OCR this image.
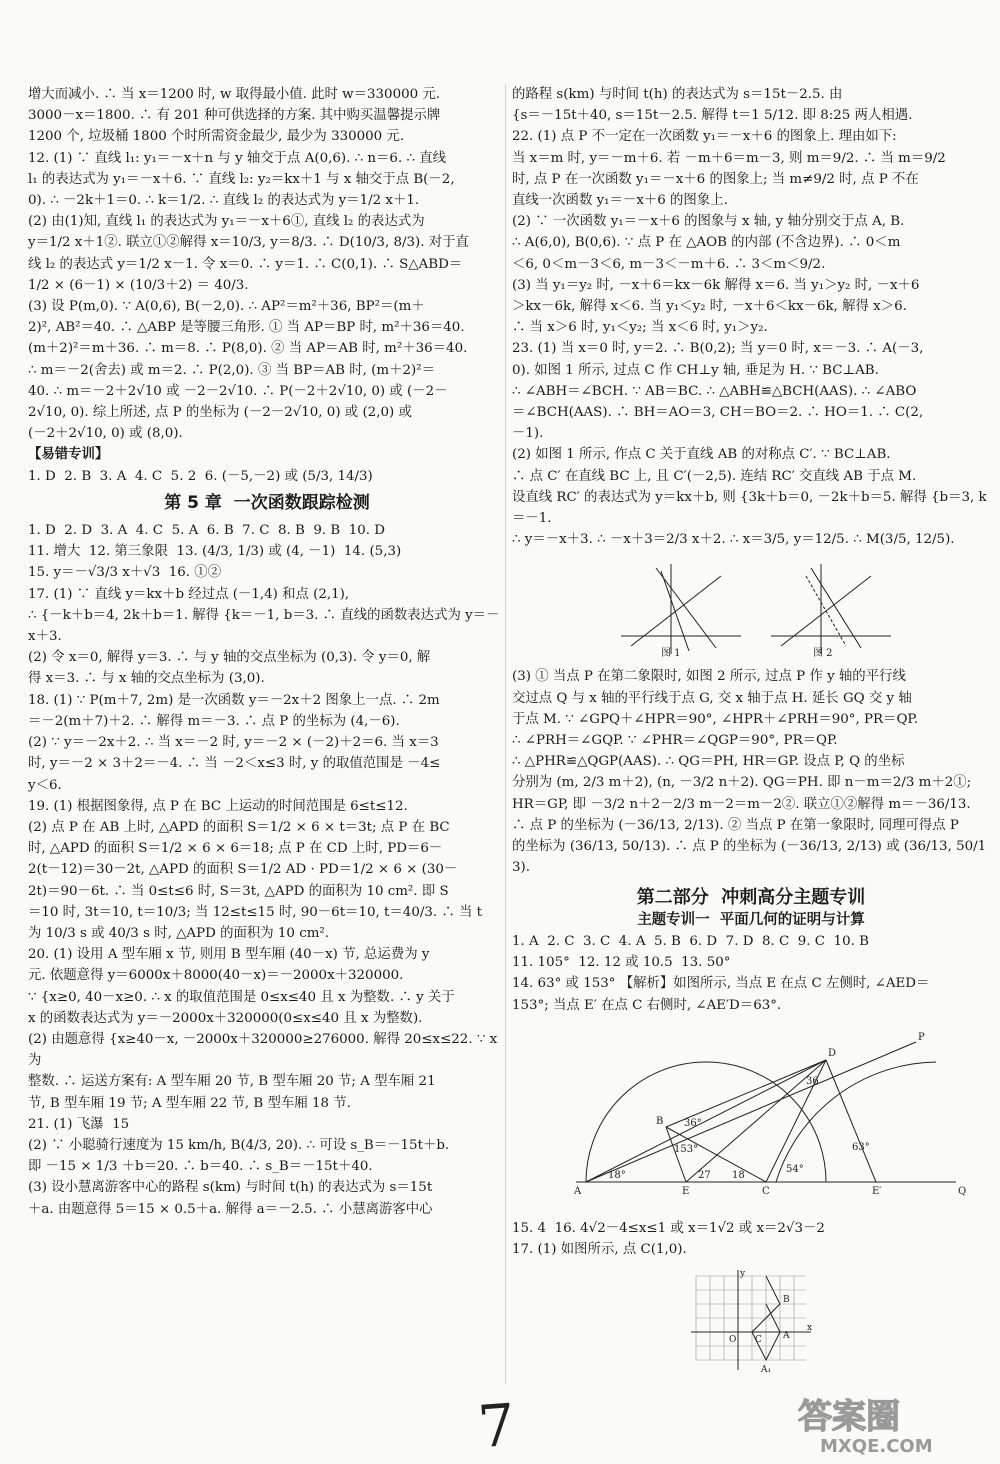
增大而减小. ∴ 当 x＝1200 时, w 取得最小值. 此时 w＝330000 元.

3000－x＝1800. ∴ 有 201 种可供选择的方案. 其中购买温馨提示牌

1200 个, 垃圾桶 1800 个时所需资金最少, 最少为 330000 元.

12. (1) ∵ 直线 l₁: y₁＝－x＋n 与 y 轴交于点 A(0,6). ∴ n＝6. ∴ 直线

l₁ 的表达式为 y₁＝－x＋6. ∵ 直线 l₂: y₂＝kx＋1 与 x 轴交于点 B(－2,

0). ∴ －2k＋1＝0. ∴ k＝1/2. ∴ 直线 l₂ 的表达式为 y＝1/2 x＋1.

(2) 由(1)知, 直线 l₁ 的表达式为 y₁＝－x＋6①, 直线 l₂ 的表达式为

y＝1/2 x＋1②. 联立①②解得 x＝10/3, y＝8/3. ∴ D(10/3, 8/3). 对于直

线 l₂ 的表达式 y＝1/2 x－1. 令 x＝0. ∴ y＝1. ∴ C(0,1). ∴ S△ABD＝

1/2 × (6－1) × (10/3＋2) ＝ 40/3.

(3) 设 P(m,0). ∵ A(0,6), B(－2,0). ∴ AP²＝m²＋36, BP²＝(m＋

2)², AB²＝40. ∴ △ABP 是等腰三角形. ① 当 AP＝BP 时, m²＋36＝40.

(m＋2)²＝m＋36. ∴ m＝8. ∴ P(8,0). ② 当 AP＝AB 时, m²＋36＝40.

∴ m＝－2(舍去) 或 m＝2. ∴ P(2,0). ③ 当 BP＝AB 时, (m＋2)²＝

40. ∴ m＝－2＋2√10 或 －2－2√10. ∴ P(－2＋2√10, 0) 或 (－2－

2√10, 0). 综上所述, 点 P 的坐标为 (－2－2√10, 0) 或 (2,0) 或

(－2＋2√10, 0) 或 (8,0).

【易错专训】

1. D  2. B  3. A  4. C  5. 2  6. (－5,－2) 或 (5/3, 14/3)

第 5 章  一次函数跟踪检测

1. D  2. D  3. A  4. C  5. A  6. B  7. C  8. B  9. B  10. D

11. 增大  12. 第三象限  13. (4/3, 1/3) 或 (4, －1)  14. (5,3)

15. y＝－√3/3 x＋√3  16. ①②

17. (1) ∵ 直线 y＝kx＋b 经过点 (－1,4) 和点 (2,1),

∴ {－k＋b＝4, 2k＋b＝1. 解得 {k＝－1, b＝3. ∴ 直线的函数表达式为 y＝－x＋3.

(2) 令 x＝0, 解得 y＝3. ∴ 与 y 轴的交点坐标为 (0,3). 令 y＝0, 解

得 x＝3. ∴ 与 x 轴的交点坐标为 (3,0).

18. (1) ∵ P(m＋7, 2m) 是一次函数 y＝－2x＋2 图象上一点. ∴ 2m

＝－2(m＋7)＋2. ∴ 解得 m＝－3. ∴ 点 P 的坐标为 (4,－6).

(2) ∵ y＝－2x＋2. ∴ 当 x＝－2 时, y＝－2 × (－2)＋2＝6. 当 x＝3

时, y＝－2 × 3＋2＝－4. ∴ 当 －2＜x≤3 时, y 的取值范围是 －4≤

y＜6.

19. (1) 根据图象得, 点 P 在 BC 上运动的时间范围是 6≤t≤12.

(2) 点 P 在 AB 上时, △APD 的面积 S＝1/2 × 6 × t＝3t; 点 P 在 BC

时, △APD 的面积 S＝1/2 × 6 × 6＝18; 点 P 在 CD 上时, PD＝6－

2(t－12)＝30－2t, △APD 的面积 S＝1/2 AD · PD＝1/2 × 6 × (30－

2t)＝90－6t. ∴ 当 0≤t≤6 时, S＝3t, △APD 的面积为 10 cm². 即 S

＝10 时, 3t＝10, t＝10/3; 当 12≤t≤15 时, 90－6t＝10, t＝40/3. ∴ 当 t

为 10/3 s 或 40/3 s 时, △APD 的面积为 10 cm².

20. (1) 设用 A 型车厢 x 节, 则用 B 型车厢 (40－x) 节, 总运费为 y

元. 依题意得 y＝6000x＋8000(40－x)＝－2000x＋320000.

∵ {x≥0, 40－x≥0. ∴ x 的取值范围是 0≤x≤40 且 x 为整数. ∴ y 关于

x 的函数表达式为 y＝－2000x＋320000(0≤x≤40 且 x 为整数).

(2) 由题意得 {x≥40－x, －2000x＋320000≥276000. 解得 20≤x≤22. ∵ x 为

整数. ∴ 运送方案有: A 型车厢 20 节, B 型车厢 20 节; A 型车厢 21

节, B 型车厢 19 节; A 型车厢 22 节, B 型车厢 18 节.

21. (1) 飞瀑  15

(2) ∵ 小聪骑行速度为 15 km/h, B(4/3, 20). ∴ 可设 s_B＝－15t＋b.

即 －15 × 1/3 ＋b＝20. ∴ b＝40. ∴ s_B＝－15t＋40.

(3) 设小慧离游客中心的路程 s(km) 与时间 t(h) 的表达式为 s＝15t

＋a. 由题意得 5＝15 × 0.5＋a. 解得 a＝－2.5. ∴ 小慧离游客中心

的路程 s(km) 与时间 t(h) 的表达式为 s＝15t－2.5. 由

{s＝－15t＋40, s＝15t－2.5. 解得 t＝1 5/12. 即 8:25 两人相遇.

22. (1) 点 P 不一定在一次函数 y₁＝－x＋6 的图象上. 理由如下:

当 x＝m 时, y＝－m＋6. 若 －m＋6＝m－3, 则 m＝9/2. ∴ 当 m＝9/2

时, 点 P 在一次函数 y₁＝－x＋6 的图象上; 当 m≠9/2 时, 点 P 不在

直线一次函数 y₁＝－x＋6 的图象上.

(2) ∵ 一次函数 y₁＝－x＋6 的图象与 x 轴, y 轴分别交于点 A, B.

∴ A(6,0), B(0,6). ∵ 点 P 在 △AOB 的内部 (不含边界). ∴ 0＜m

＜6, 0＜m－3＜6, m－3＜－m＋6. ∴ 3＜m＜9/2.

(3) 当 y₁＝y₂ 时, －x＋6＝kx－6k 解得 x＝6. 当 y₁＞y₂ 时, －x＋6

＞kx－6k, 解得 x＜6. 当 y₁＜y₂ 时, －x＋6＜kx－6k, 解得 x＞6.

∴ 当 x＞6 时, y₁＜y₂; 当 x＜6 时, y₁＞y₂.

23. (1) 当 x＝0 时, y＝2. ∴ B(0,2); 当 y＝0 时, x＝－3. ∴ A(－3,

0). 如图 1 所示, 过点 C 作 CH⊥y 轴, 垂足为 H. ∵ BC⊥AB.

∴ ∠ABH＝∠BCH. ∵ AB＝BC. ∴ △ABH≌△BCH(AAS). ∴ ∠ABO

＝∠BCH(AAS). ∴ BH＝AO＝3, CH＝BO＝2. ∴ HO＝1. ∴ C(2,

－1).

(2) 如图 1 所示, 作点 C 关于直线 AB 的对称点 C′. ∵ BC⊥AB.

∴ 点 C′ 在直线 BC 上, 且 C′(－2,5). 连结 RC′ 交直线 AB 于点 M.

设直线 RC′ 的表达式为 y＝kx＋b, 则 {3k＋b＝0, －2k＋b＝5. 解得 {b＝3, k＝－1.

∴ y＝－x＋3. ∴ －x＋3＝2/3 x＋2. ∴ x＝3/5, y＝12/5. ∴ M(3/5, 12/5).

图 1	图 2

(3) ① 当点 P 在第二象限时, 如图 2 所示, 过点 P 作 y 轴的平行线

交过点 Q 与 x 轴的平行线于点 G, 交 x 轴于点 H. 延长 GQ 交 y 轴

于点 M. ∵ ∠GPQ＋∠HPR＝90°, ∠HPR＋∠PRH＝90°, PR＝QP.

∴ ∠PRH＝∠GQP. ∵ ∠PHR＝∠QGP＝90°, PR＝QP.

∴ △PHR≌△QGP(AAS). ∴ QG＝PH, HR＝GP. 设点 P, Q 的坐标

分别为 (m, 2/3 m＋2), (n, －3/2 n＋2). QG＝PH. 即 n－m＝2/3 m＋2①;

HR＝GP, 即 －3/2 n＋2－2/3 m－2＝m－2②. 联立①②解得 m＝－36/13.

∴ 点 P 的坐标为 (－36/13, 2/13). ② 当点 P 在第一象限时, 同理可得点 P

的坐标为 (36/13, 50/13). ∴ 点 P 的坐标为 (－36/13, 2/13) 或 (36/13, 50/13).

第二部分  冲刺高分主题专训

主题专训一  平面几何的证明与计算

1. A  2. C  3. C  4. A  5. B  6. D  7. D  8. C  9. C  10. B

11. 105°  12. 12 或 10.5  13. 50°

14. 63° 或 153° 【解析】如图所示, 当点 E 在点 C 左侧时, ∠AED＝

153°; 当点 E′ 在点 C 右侧时, ∠AE′D＝63°.

A
B
C
D
E	E′	Q
P
18°
153°
27 18
36°
36
54°
63°

15. 4  16. 4√2－4≤x≤1 或 x＝1√2 或 x＝2√3－2

17. (1) 如图所示, 点 C(1,0).

y
x
O
B
C A
A₁
7	答案圈
MXQE.COM
